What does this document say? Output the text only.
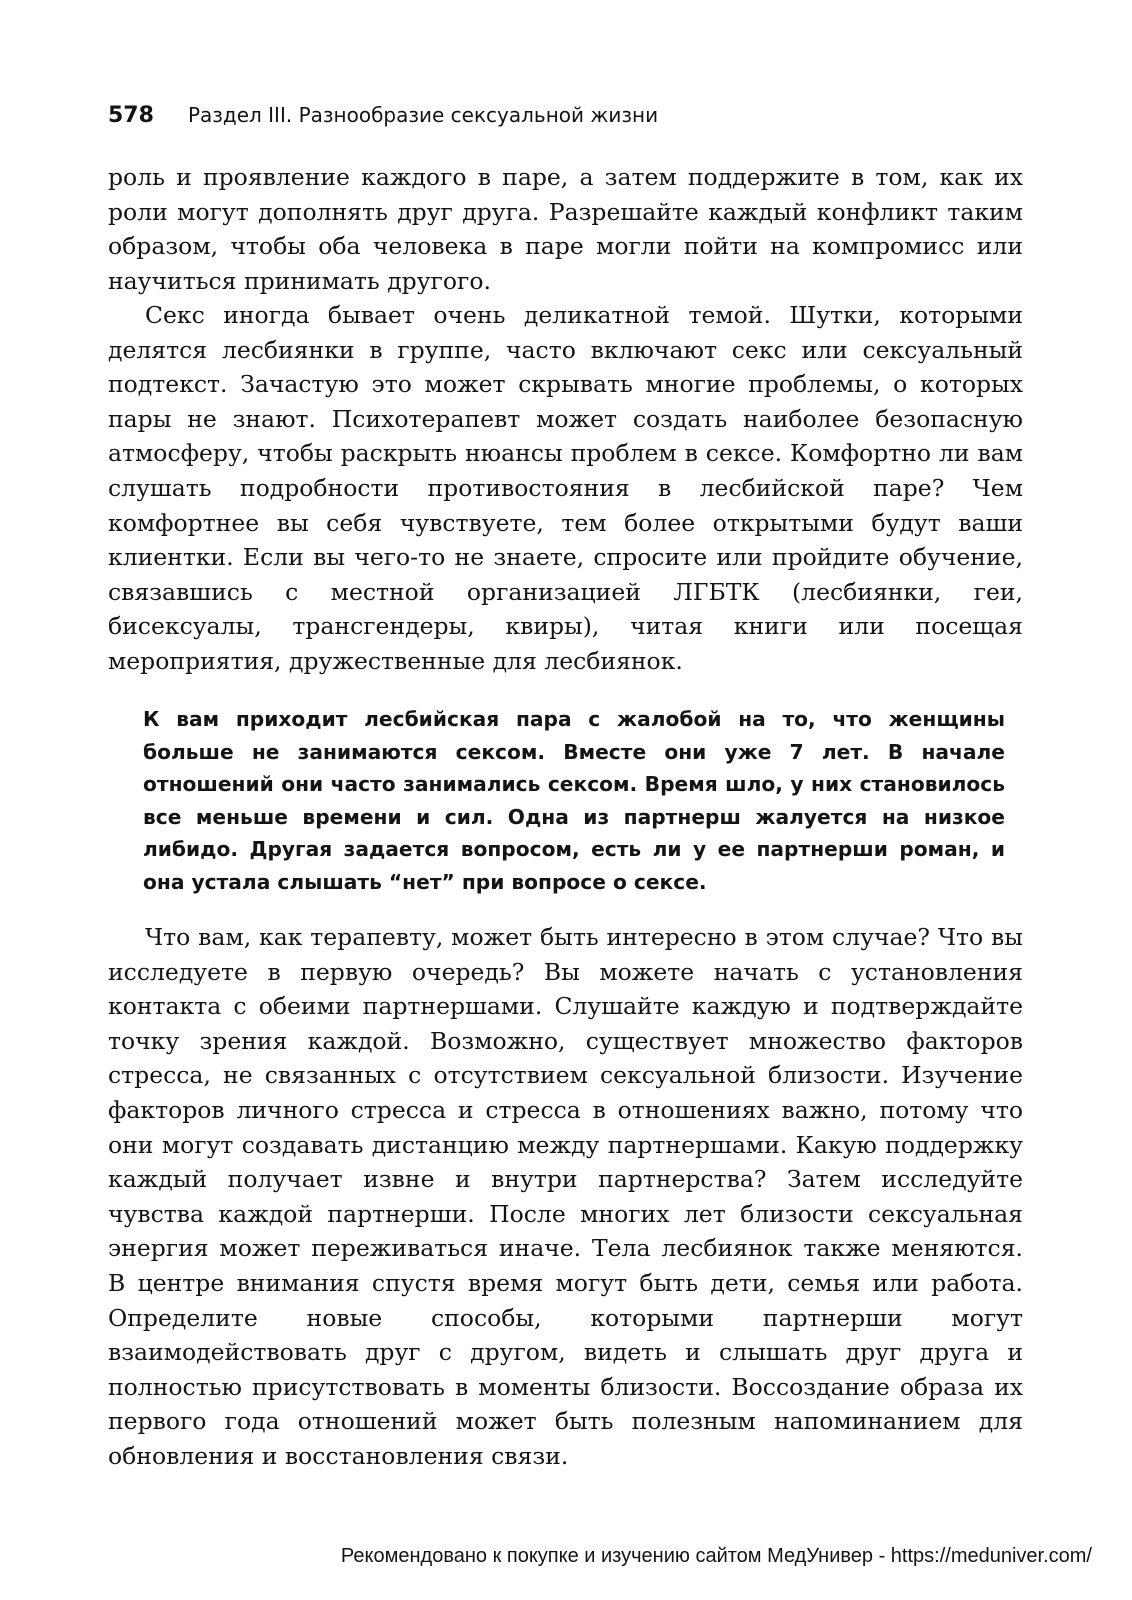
578 Раздел III. Разнообразие сексуальной жизни

роль и проявление каждого в паре, а затем поддержите в том, как их роли могут дополнять друг друга. Разрешайте каждый конфликт таким образом, чтобы оба человека в паре могли пойти на компромисс или научиться принимать другого.

Секс иногда бывает очень деликатной темой. Шутки, которыми делятся лесбиянки в группе, часто включают секс или сексуальный подтекст. Зачастую это может скрывать многие проблемы, о которых пары не знают. Психотерапевт может создать наиболее безопасную атмосферу, чтобы раскрыть нюансы проблем в сексе. Комфортно ли вам слушать подробности противостояния в лесбийской паре? Чем комфортнее вы себя чувствуете, тем более открытыми будут ваши клиентки. Если вы чего-то не знаете, спросите или пройдите обучение, связавшись с местной организацией ЛГБТК (лесбиянки, геи, бисексуалы, трансгендеры, квиры), читая книги или посещая мероприятия, дружественные для лесбиянок.

К вам приходит лесбийская пара с жалобой на то, что женщины больше не занимаются сексом. Вместе они уже 7 лет. В начале отношений они часто занимались сексом. Время шло, у них становилось все меньше времени и сил. Одна из партнерш жалуется на низкое либидо. Другая задается вопросом, есть ли у ее партнерши роман, и она устала слышать “нет” при вопросе о сексе.

Что вам, как терапевту, может быть интересно в этом случае? Что вы исследуете в первую очередь? Вы можете начать с установления контакта с обеими партнершами. Слушайте каждую и подтверждайте точку зрения каждой. Возможно, существует множество факторов стресса, не связанных с отсутствием сексуальной близости. Изучение факторов личного стресса и стресса в отношениях важно, потому что они могут создавать дистанцию между партнершами. Какую поддержку каждый получает извне и внутри партнерства? Затем исследуйте чувства каждой партнерши. После многих лет близости сексуальная энергия может переживаться иначе. Тела лесбиянок также меняются. В центре внимания спустя время могут быть дети, семья или работа. Определите новые способы, которыми партнерши могут взаимодействовать друг с другом, видеть и слышать друг друга и полностью присутствовать в моменты близости. Воссоздание образа их первого года отношений может быть полезным напоминанием для обновления и восстановления связи.

Рекомендовано к покупке и изучению сайтом МедУнивер - https://meduniver.com/
